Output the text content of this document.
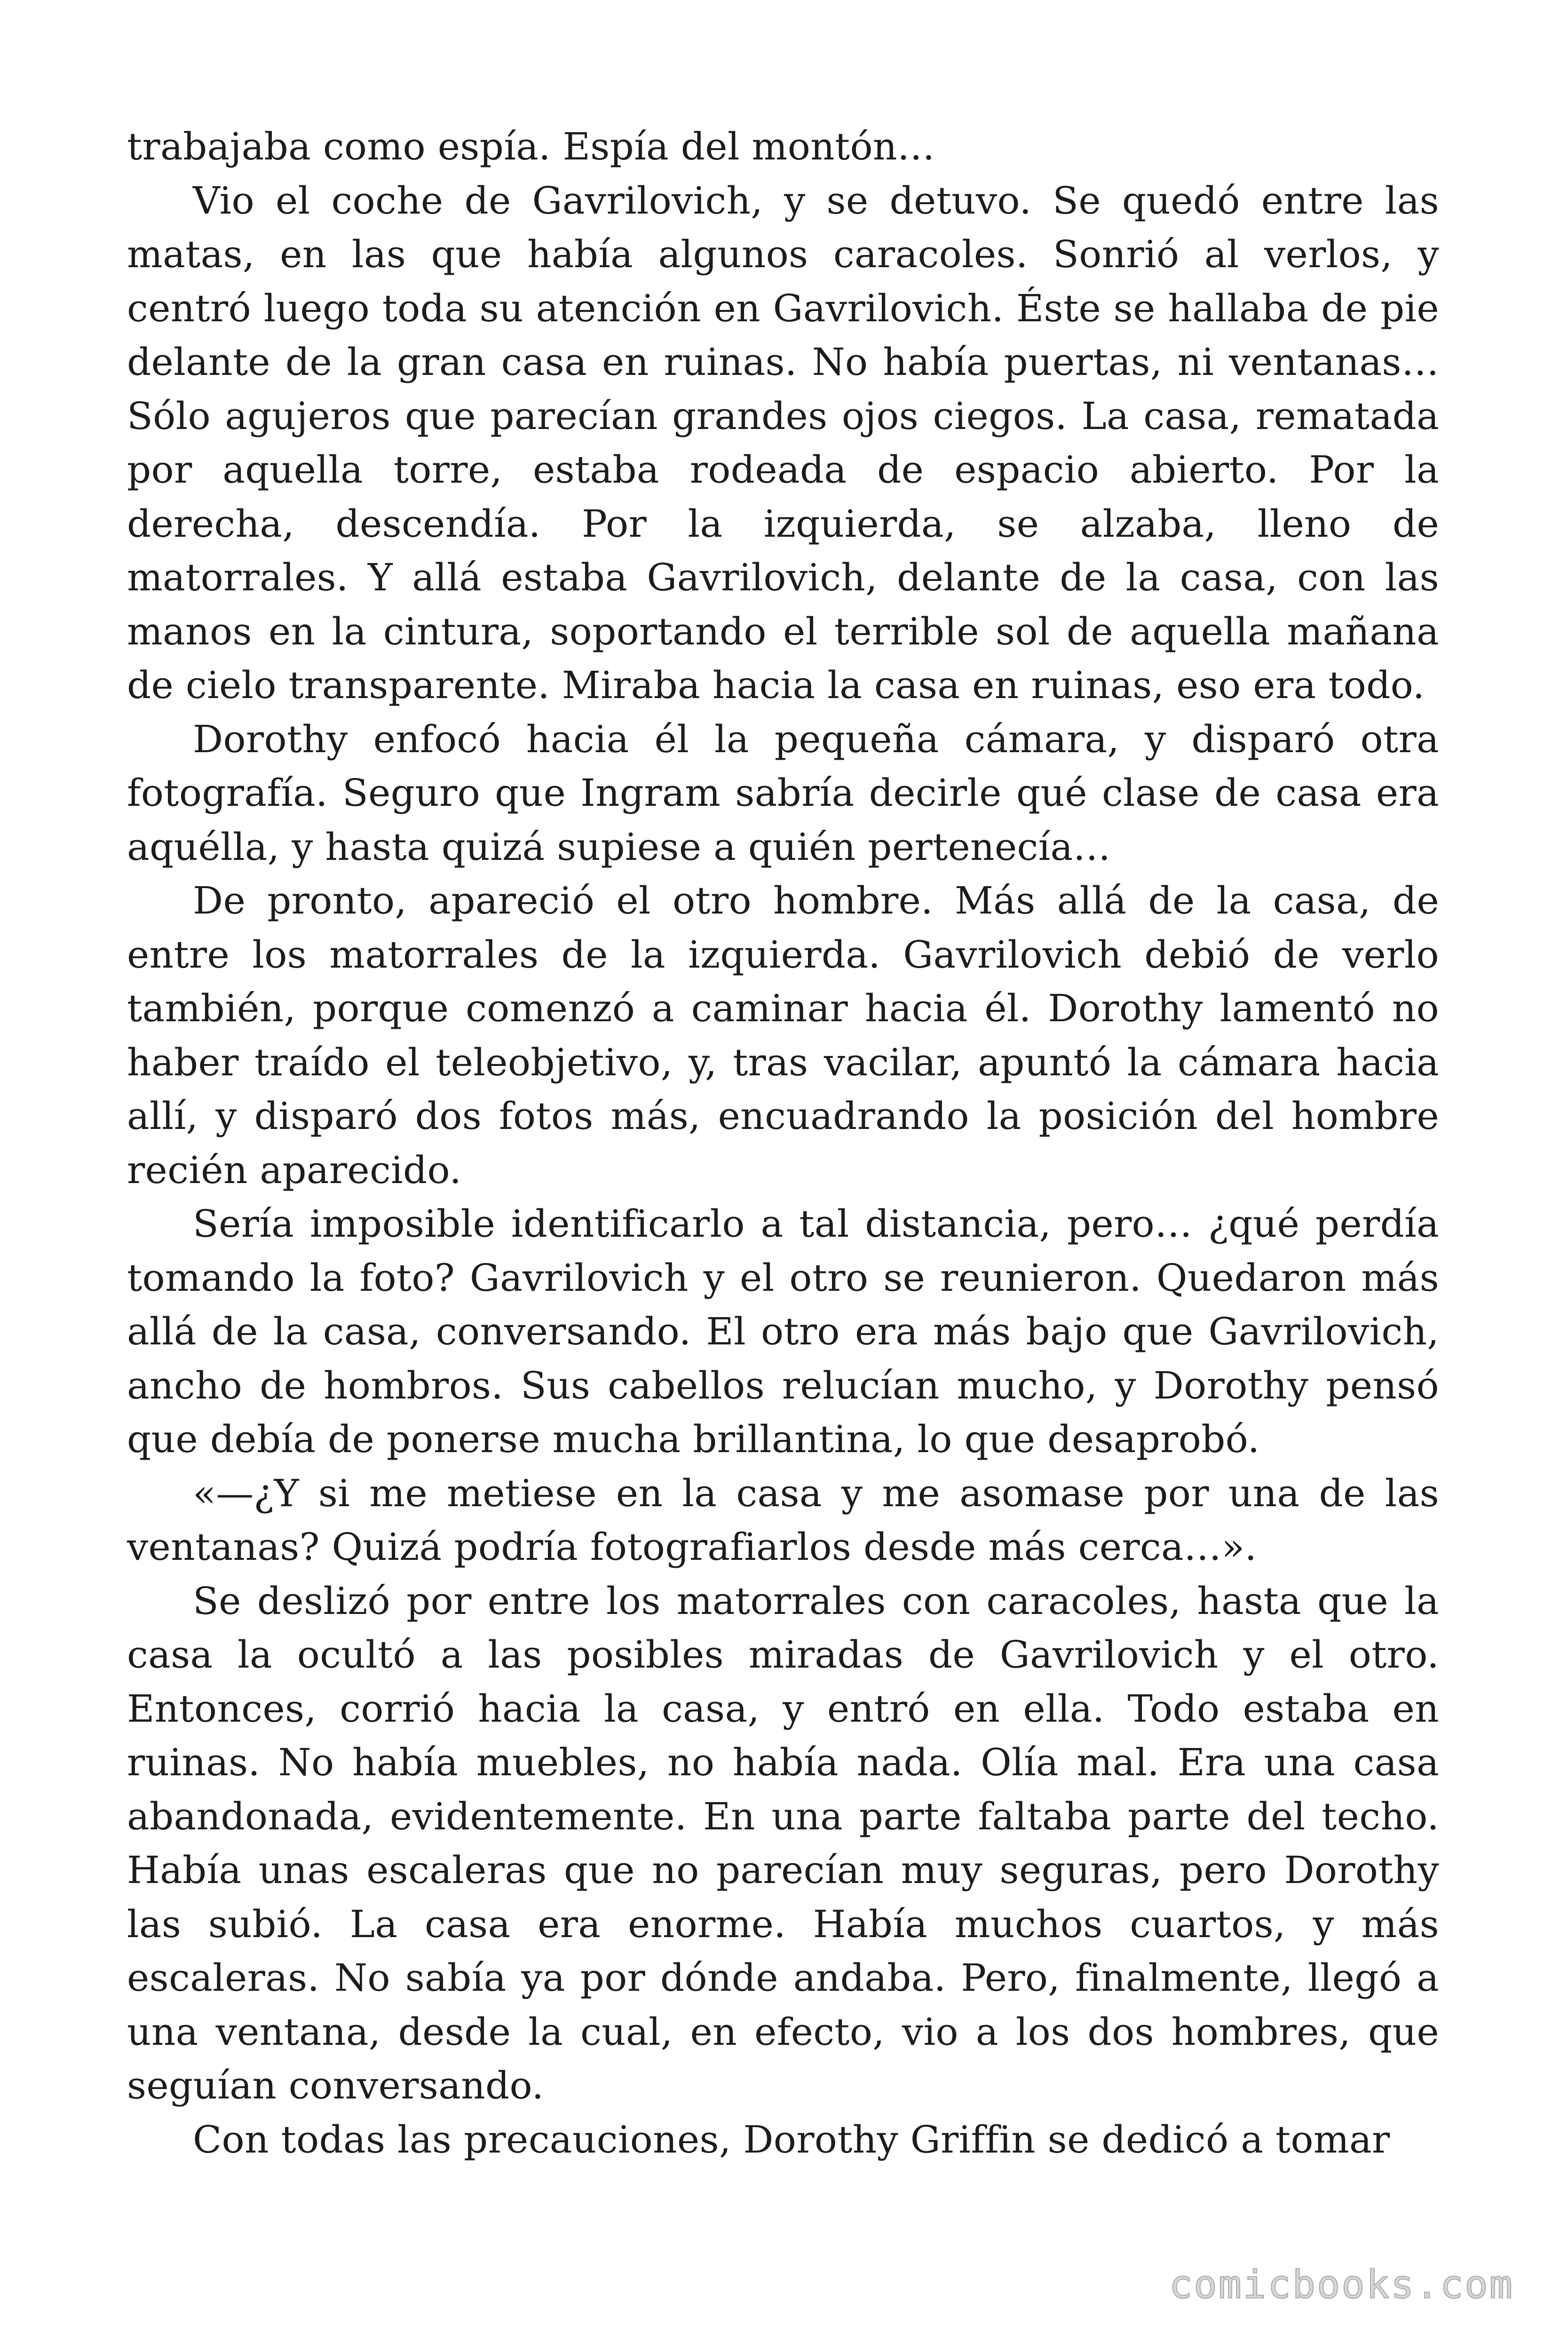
trabajaba como espía. Espía del montón…

Vio el coche de Gavrilovich, y se detuvo. Se quedó entre las matas, en las que había algunos caracoles. Sonrió al verlos, y centró luego toda su atención en Gavrilovich. Éste se hallaba de pie delante de la gran casa en ruinas. No había puertas, ni ventanas… Sólo agujeros que parecían grandes ojos ciegos. La casa, rematada por aquella torre, estaba rodeada de espacio abierto. Por la derecha, descendía. Por la izquierda, se alzaba, lleno de matorrales. Y allá estaba Gavrilovich, delante de la casa, con las manos en la cintura, soportando el terrible sol de aquella mañana de cielo transparente. Miraba hacia la casa en ruinas, eso era todo.

Dorothy enfocó hacia él la pequeña cámara, y disparó otra fotografía. Seguro que Ingram sabría decirle qué clase de casa era aquélla, y hasta quizá supiese a quién pertenecía…

De pronto, apareció el otro hombre. Más allá de la casa, de entre los matorrales de la izquierda. Gavrilovich debió de verlo también, porque comenzó a caminar hacia él. Dorothy lamentó no haber traído el teleobjetivo, y, tras vacilar, apuntó la cámara hacia allí, y disparó dos fotos más, encuadrando la posición del hombre recién aparecido.

Sería imposible identificarlo a tal distancia, pero… ¿qué perdía tomando la foto? Gavrilovich y el otro se reunieron. Quedaron más allá de la casa, conversando. El otro era más bajo que Gavrilovich, ancho de hombros. Sus cabellos relucían mucho, y Dorothy pensó que debía de ponerse mucha brillantina, lo que desaprobó.

«—¿Y si me metiese en la casa y me asomase por una de las ventanas? Quizá podría fotografiarlos desde más cerca…».

Se deslizó por entre los matorrales con caracoles, hasta que la casa la ocultó a las posibles miradas de Gavrilovich y el otro. Entonces, corrió hacia la casa, y entró en ella. Todo estaba en ruinas. No había muebles, no había nada. Olía mal. Era una casa abandonada, evidentemente. En una parte faltaba parte del techo. Había unas escaleras que no parecían muy seguras, pero Dorothy las subió. La casa era enorme. Había muchos cuartos, y más escaleras. No sabía ya por dónde andaba. Pero, finalmente, llegó a una ventana, desde la cual, en efecto, vio a los dos hombres, que seguían conversando.

Con todas las precauciones, Dorothy Griffin se dedicó a tomar

comicbooks.com
